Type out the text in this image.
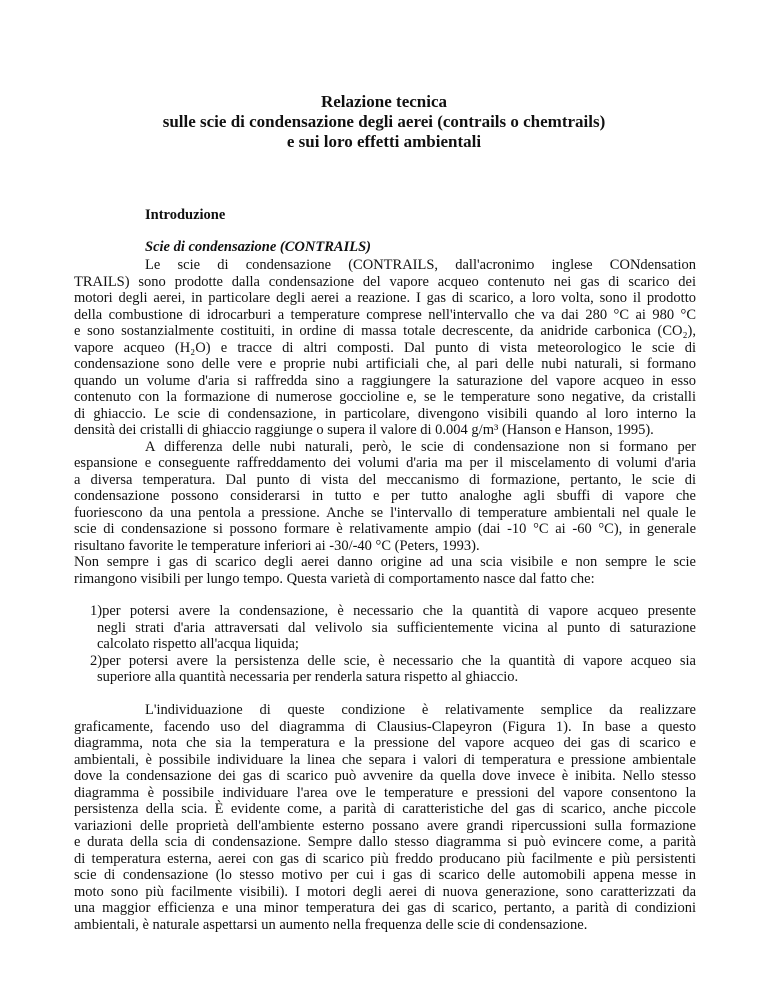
Relazione tecnica
sulle scie di condensazione degli aerei (contrails o chemtrails)
e sui loro effetti ambientali
Introduzione
Scie di condensazione (CONTRAILS)
Le scie di condensazione (CONTRAILS, dall'acronimo inglese CONdensation
TRAILS) sono prodotte dalla condensazione del vapore acqueo contenuto nei gas di scarico dei
motori degli aerei, in particolare degli aerei a reazione. I gas di scarico, a loro volta, sono il prodotto
della combustione di idrocarburi a temperature comprese nell'intervallo che va dai 280 °C ai 980 °C
e sono sostanzialmente costituiti, in ordine di massa totale decrescente, da anidride carbonica (CO₂),
vapore acqueo (H₂O) e tracce di altri composti. Dal punto di vista meteorologico le scie di
condensazione sono delle vere e proprie nubi artificiali che, al pari delle nubi naturali, si formano
quando un volume d'aria si raffredda sino a raggiungere la saturazione del vapore acqueo in esso
contenuto con la formazione di numerose goccioline e, se le temperature sono negative, da cristalli
di ghiaccio. Le scie di condensazione, in particolare, divengono visibili quando al loro interno la
densità dei cristalli di ghiaccio raggiunge o supera il valore di 0.004 g/m³ (Hanson e Hanson, 1995).
A differenza delle nubi naturali, però, le scie di condensazione non si formano per
espansione e conseguente raffreddamento dei volumi d'aria ma per il miscelamento di volumi d'aria
a diversa temperatura. Dal punto di vista del meccanismo di formazione, pertanto, le scie di
condensazione possono considerarsi in tutto e per tutto analoghe agli sbuffi di vapore che
fuoriescono da una pentola a pressione. Anche se l'intervallo di temperature ambientali nel quale le
scie di condensazione si possono formare è relativamente ampio (dai -10 °C ai -60 °C), in generale
risultano favorite le temperature inferiori ai -30/-40 °C (Peters, 1993).
Non sempre i gas di scarico degli aerei danno origine ad una scia visibile e non sempre le scie
rimangono visibili per lungo tempo. Questa varietà di comportamento nasce dal fatto che:
1)per potersi avere la condensazione, è necessario che la quantità di vapore acqueo presente
negli strati d'aria attraversati dal velivolo sia sufficientemente vicina al punto di saturazione
calcolato rispetto all'acqua liquida;
2)per potersi avere la persistenza delle scie, è necessario che la quantità di vapore acqueo sia
superiore alla quantità necessaria per renderla satura rispetto al ghiaccio.
L'individuazione di queste condizione è relativamente semplice da realizzare
graficamente, facendo uso del diagramma di Clausius-Clapeyron (Figura 1). In base a questo
diagramma, nota che sia la temperatura e la pressione del vapore acqueo dei gas di scarico e
ambientali, è possibile individuare la linea che separa i valori di temperatura e pressione ambientale
dove la condensazione dei gas di scarico può avvenire da quella dove invece è inibita. Nello stesso
diagramma è possibile individuare l'area ove le temperature e pressioni del vapore consentono la
persistenza della scia. È evidente come, a parità di caratteristiche del gas di scarico, anche piccole
variazioni delle proprietà dell'ambiente esterno possano avere grandi ripercussioni sulla formazione
e durata della scia di condensazione. Sempre dallo stesso diagramma si può evincere come, a parità
di temperatura esterna, aerei con gas di scarico più freddo producano più facilmente e più persistenti
scie di condensazione (lo stesso motivo per cui i gas di scarico delle automobili appena messe in
moto sono più facilmente visibili). I motori degli aerei di nuova generazione, sono caratterizzati da
una maggior efficienza e una minor temperatura dei gas di scarico, pertanto, a parità di condizioni
ambientali, è naturale aspettarsi un aumento nella frequenza delle scie di condensazione.
